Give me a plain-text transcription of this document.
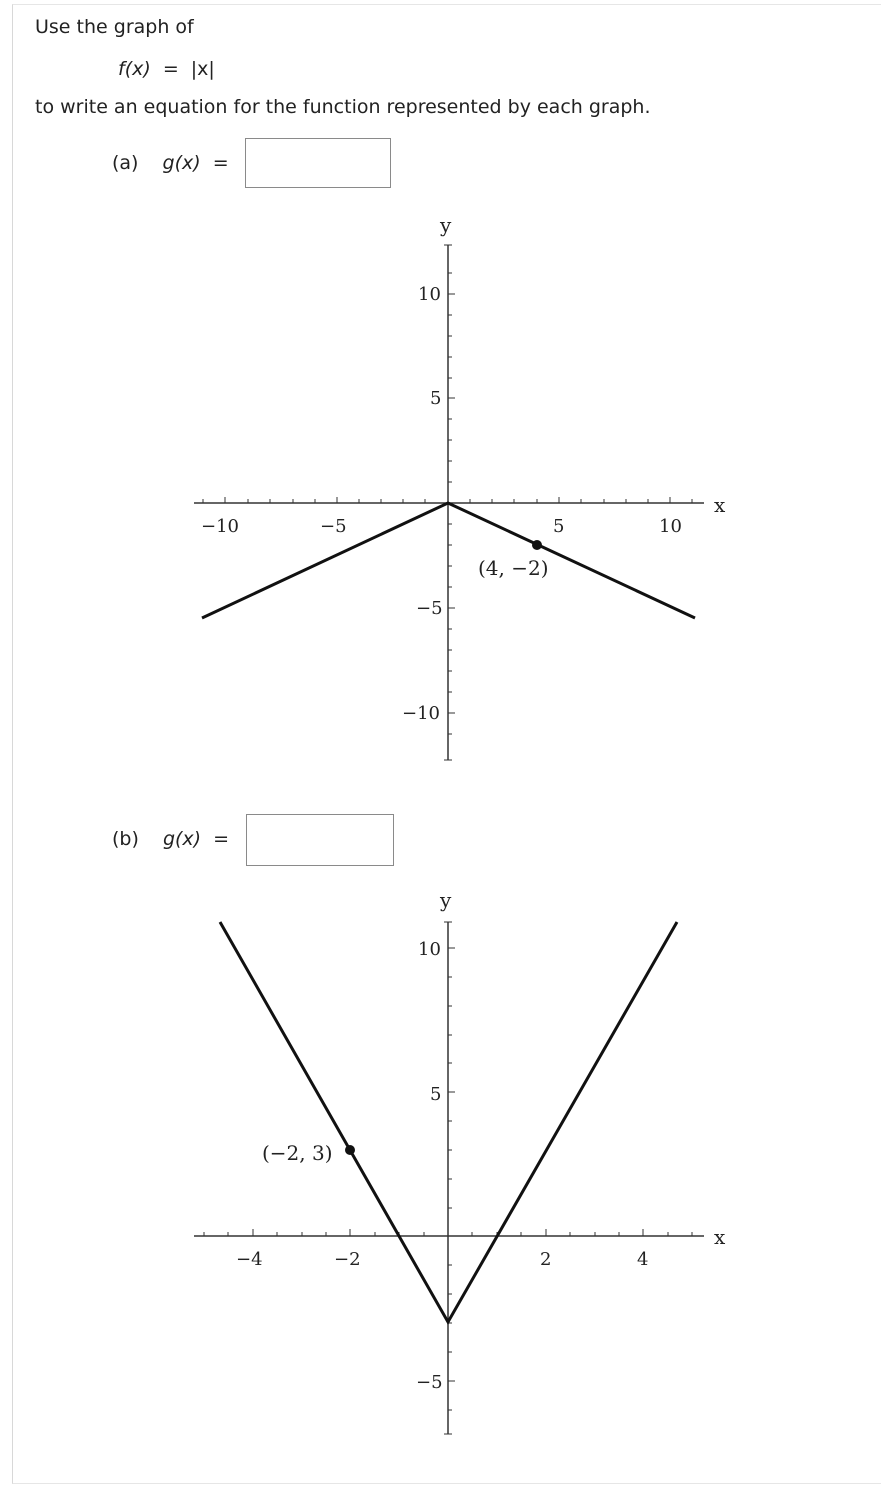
Use the graph of
f(x) = |x|
to write an equation for the function represented by each graph.
(a) g(x) =
y
x
−10	−5	5	10
10
5
−5
−10
(4, −2)
(b) g(x) =
y
x
−4	−2	2	4
10
5
−5
(−2, 3)
